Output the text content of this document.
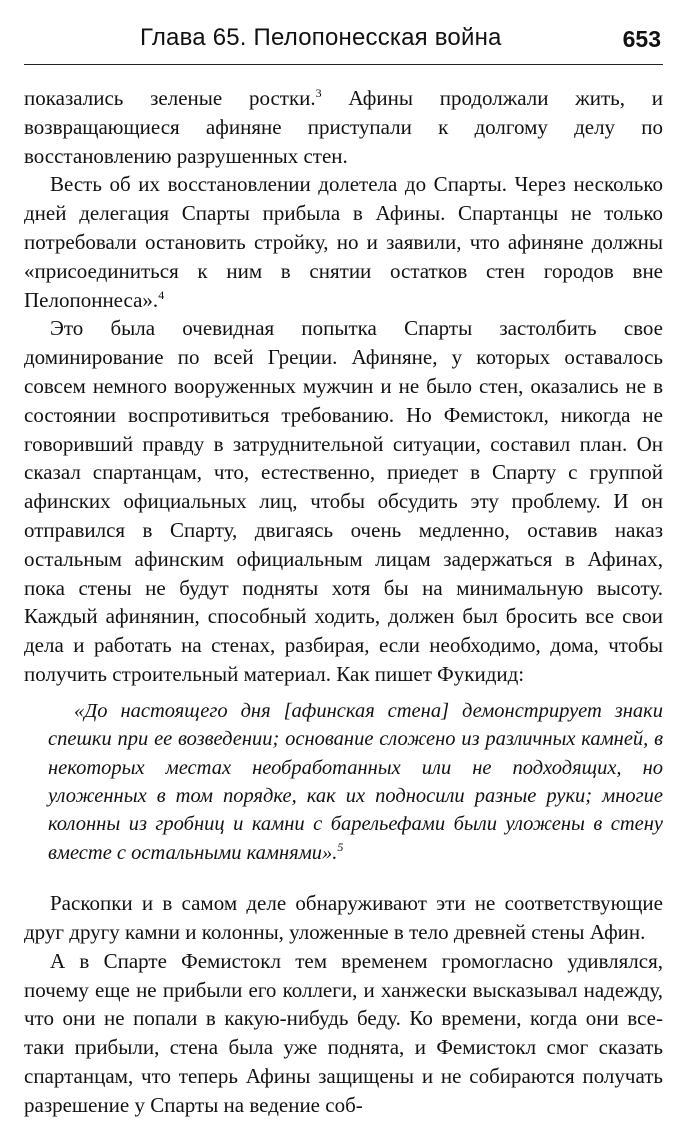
Глава 65. Пелопонесская война	653

показались зеленые ростки.$^3$ Афины продолжали жить, и возвращающиеся афиняне приступали к долгому делу по восстановлению разрушенных стен.

Весть об их восстановлении долетела до Спарты. Через несколько дней делегация Спарты прибыла в Афины. Спартанцы не только потребовали остановить стройку, но и заявили, что афиняне должны «присоединиться к ним в снятии остатков стен городов вне Пелопоннеса».$^4$

Это была очевидная попытка Спарты застолбить свое доминирование по всей Греции. Афиняне, у которых оставалось совсем немного вооруженных мужчин и не было стен, оказались не в состоянии воспротивиться требованию. Но Фемистокл, никогда не говоривший правду в затруднительной ситуации, составил план. Он сказал спартанцам, что, естественно, приедет в Спарту с группой афинских официальных лиц, чтобы обсудить эту проблему. И он отправился в Спарту, двигаясь очень медленно, оставив наказ остальным афинским официальным лицам задержаться в Афинах, пока стены не будут подняты хотя бы на минимальную высоту. Каждый афинянин, способный ходить, должен был бросить все свои дела и работать на стенах, разбирая, если необходимо, дома, чтобы получить строительный материал. Как пишет Фукидид:

«До настоящего дня [афинская стена] демонстрирует знаки спешки при ее возведении; основание сложено из различных камней, в некоторых местах необработанных или не подходящих, но уложенных в том порядке, как их подносили разные руки; многие колонны из гробниц и камни с барельефами были уложены в стену вместе с остальными камнями».$^5$

Раскопки и в самом деле обнаруживают эти не соответствующие друг другу камни и колонны, уложенные в тело древней стены Афин.

А в Спарте Фемистокл тем временем громогласно удивлялся, почему еще не прибыли его коллеги, и ханжески высказывал надежду, что они не попали в какую-нибудь беду. Ко времени, когда они все-таки прибыли, стена была уже поднята, и Фемистокл смог сказать спартанцам, что теперь Афины защищены и не собираются получать разрешение у Спарты на ведение соб-
